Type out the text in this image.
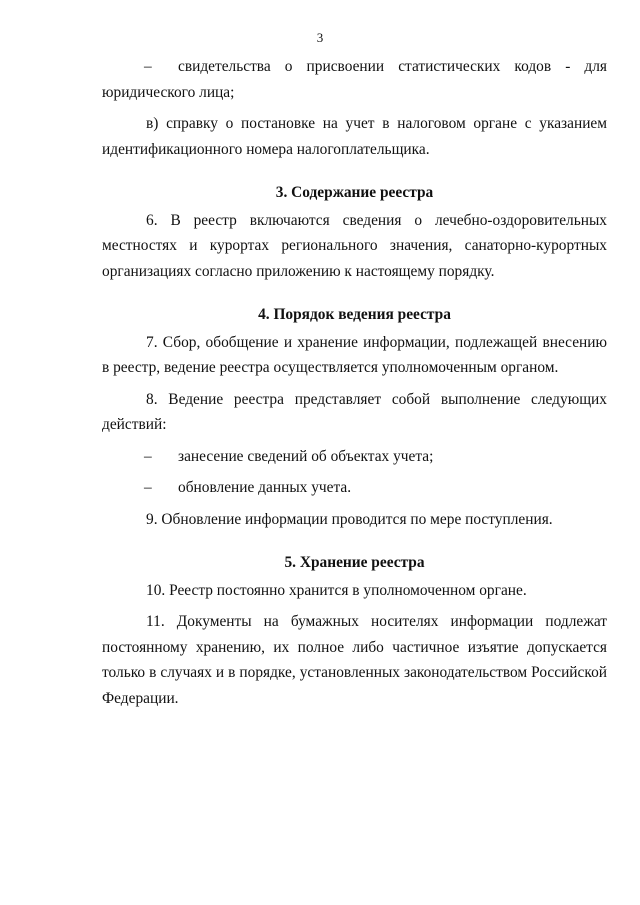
3
–	свидетельства о присвоении статистических кодов - для

юридического лица;

в) справку о постановке на учет в налоговом органе с указанием идентификационного номера налогоплательщика.

3. Содержание реестра

6. В реестр включаются сведения о лечебно-оздоровительных местностях и курортах регионального значения, санаторно-курортных организациях согласно приложению к настоящему порядку.

4. Порядок ведения реестра

7. Сбор, обобщение и хранение информации, подлежащей внесению в реестр, ведение реестра осуществляется уполномоченным органом.

8. Ведение реестра представляет собой выполнение следующих действий:

–	занесение сведений об объектах учета;
–	обновление данных учета.

9. Обновление информации проводится по мере поступления.

5. Хранение реестра

10. Реестр постоянно хранится в уполномоченном органе.

11. Документы на бумажных носителях информации подлежат постоянному хранению, их полное либо частичное изъятие допускается только в случаях и в порядке, установленных законодательством Российской Федерации.
